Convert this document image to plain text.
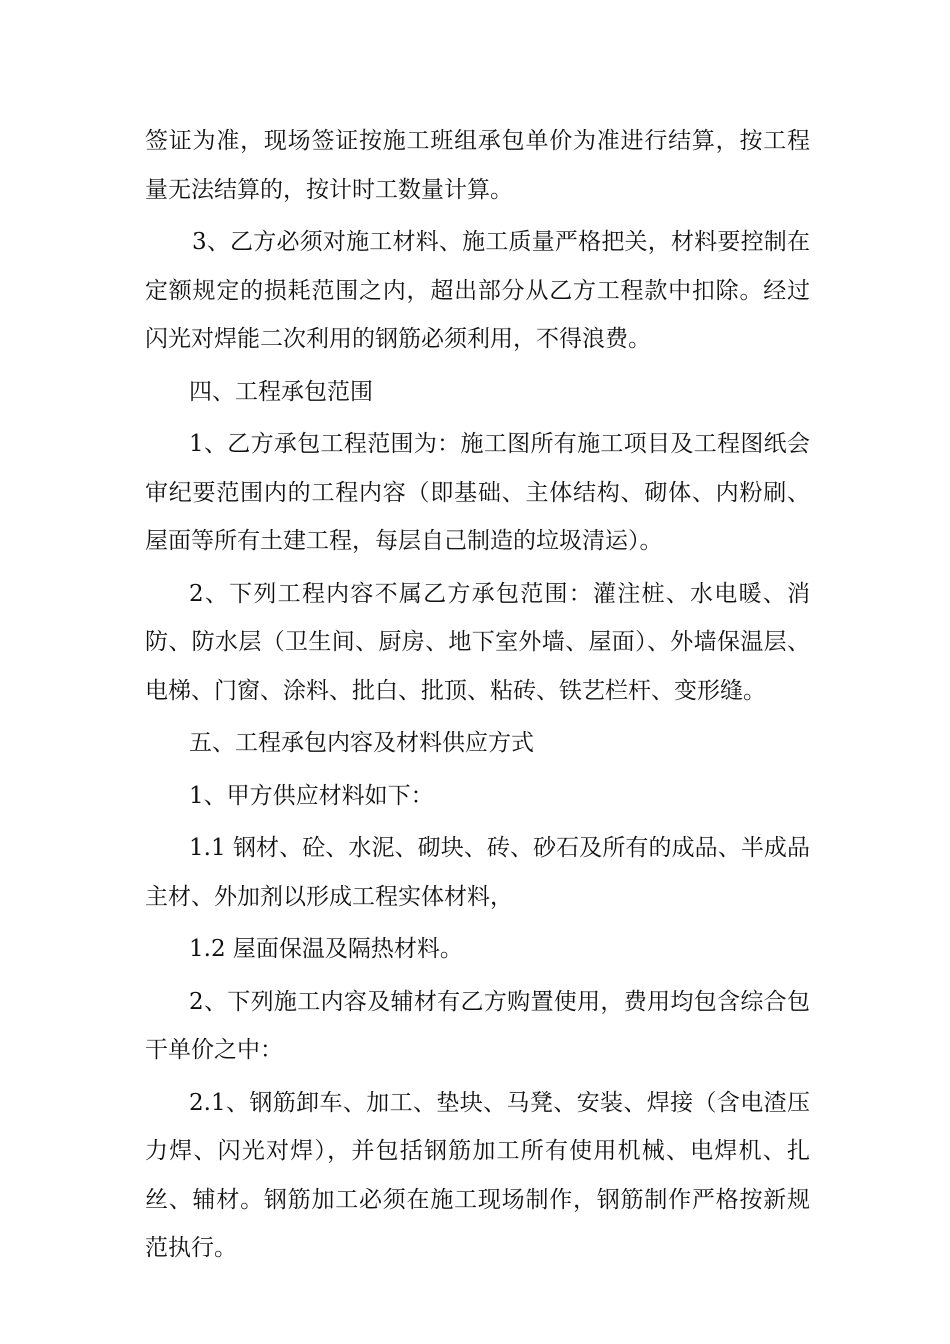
签证为准，现场签证按施工班组承包单价为准进行结算，按工程量无法结算的，按计时工数量计算。

3、乙方必须对施工材料、施工质量严格把关，材料要控制在定额规定的损耗范围之内，超出部分从乙方工程款中扣除。经过闪光对焊能二次利用的钢筋必须利用，不得浪费。

四、工程承包范围

1、乙方承包工程范围为：施工图所有施工项目及工程图纸会审纪要范围内的工程内容（即基础、主体结构、砌体、内粉刷、屋面等所有土建工程，每层自己制造的垃圾清运）。

2、下列工程内容不属乙方承包范围：灌注桩、水电暖、消防、防水层（卫生间、厨房、地下室外墙、屋面）、外墙保温层、电梯、门窗、涂料、批白、批顶、粘砖、铁艺栏杆、变形缝。

五、工程承包内容及材料供应方式

1、甲方供应材料如下：

1.1 钢材、砼、水泥、砌块、砖、砂石及所有的成品、半成品主材、外加剂以形成工程实体材料，

1.2 屋面保温及隔热材料。

2、下列施工内容及辅材有乙方购置使用，费用均包含综合包干单价之中：

2.1、钢筋卸车、加工、垫块、马凳、安装、焊接（含电渣压力焊、闪光对焊），并包括钢筋加工所有使用机械、电焊机、扎丝、辅材。钢筋加工必须在施工现场制作，钢筋制作严格按新规范执行。
